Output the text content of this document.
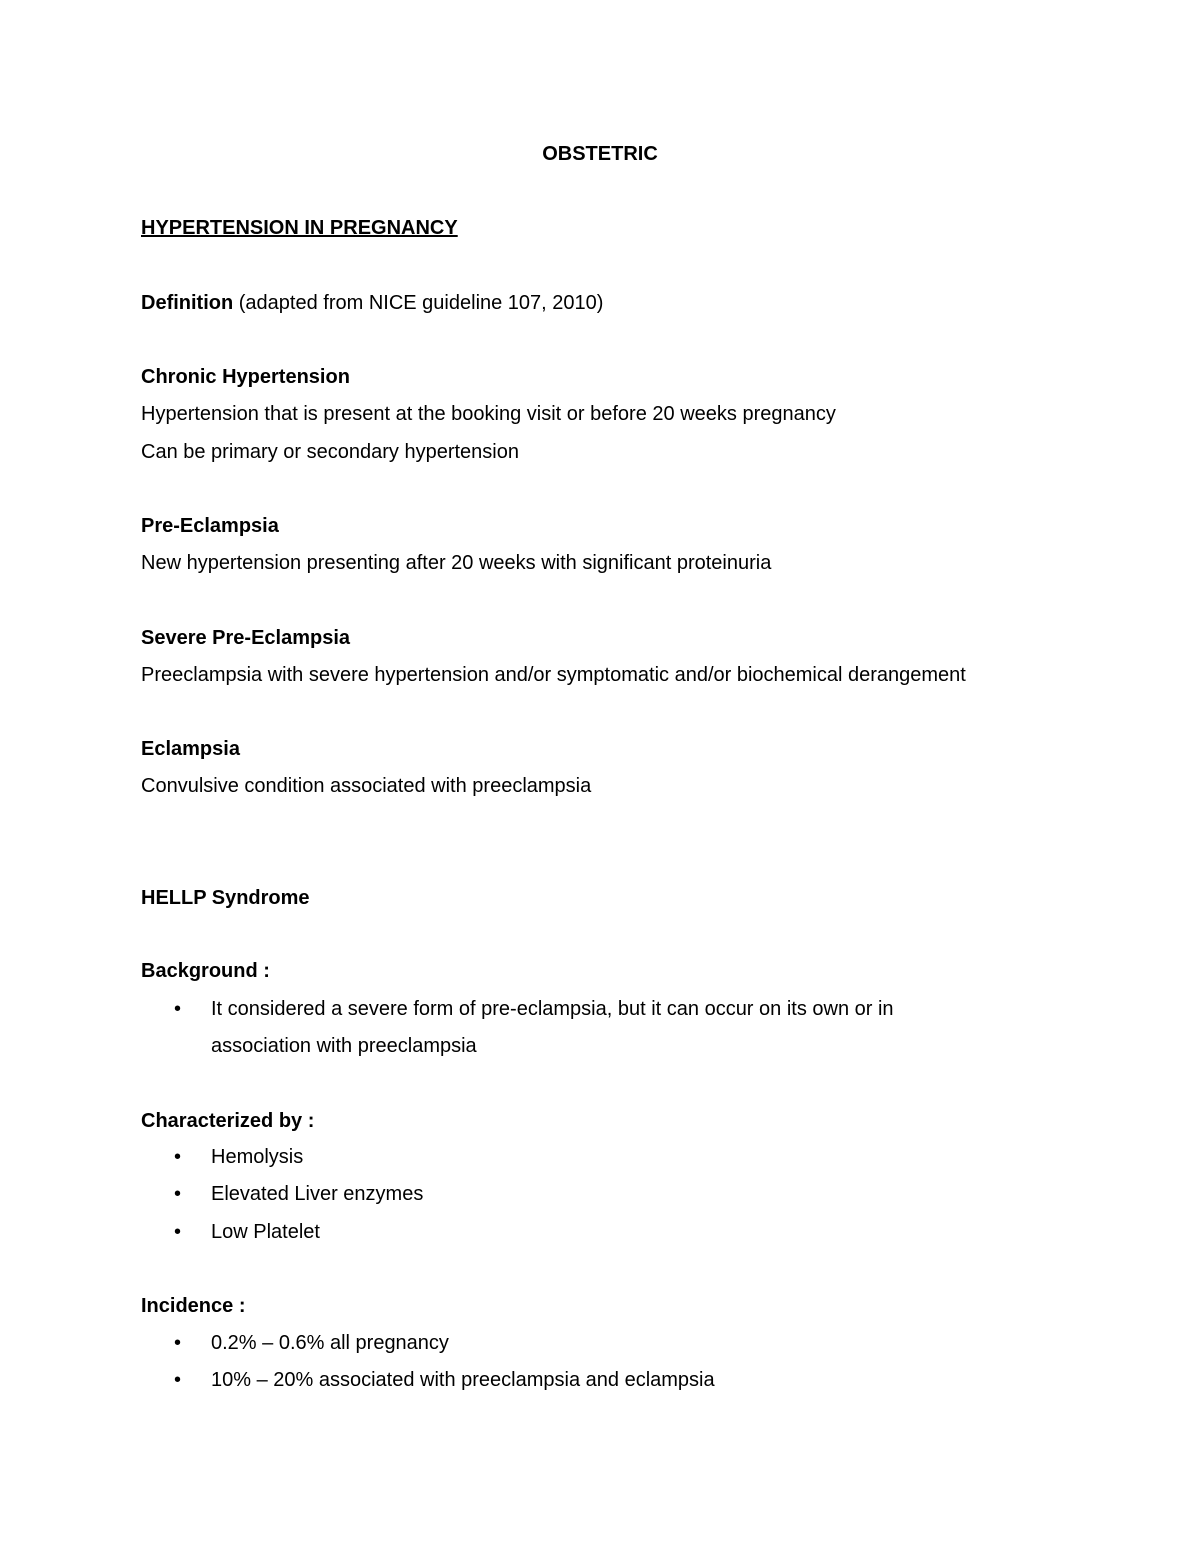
OBSTETRIC
HYPERTENSION IN PREGNANCY
Definition (adapted from NICE guideline 107, 2010)
Chronic Hypertension
Hypertension that is present at the booking visit or before 20 weeks pregnancy
Can be primary or secondary hypertension
Pre-Eclampsia
New hypertension presenting after 20 weeks with significant proteinuria
Severe Pre-Eclampsia
Preeclampsia with severe hypertension and/or symptomatic and/or biochemical derangement
Eclampsia
Convulsive condition associated with preeclampsia
HELLP Syndrome
Background :
• It considered a severe form of pre-eclampsia, but it can occur on its own or in
association with preeclampsia
Characterized by :
• Hemolysis
• Elevated Liver enzymes
• Low Platelet
Incidence :
• 0.2% – 0.6% all pregnancy
• 10% – 20% associated with preeclampsia and eclampsia
